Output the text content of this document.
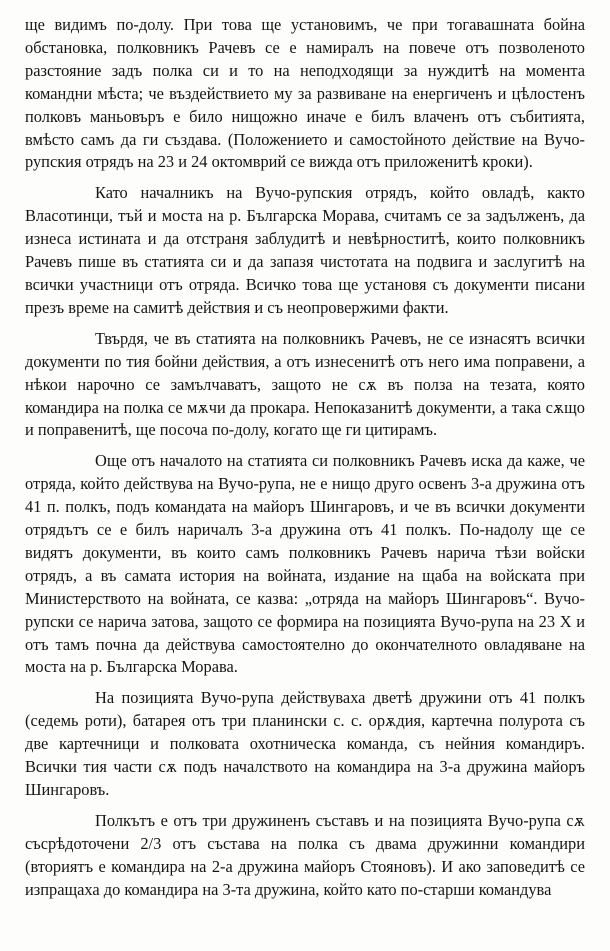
ще видимъ по-долу. При това ще установимъ, че при тогавашната бойна обстановка, полковникъ Рачевъ се е намиралъ на повече отъ позволеното разстояние задъ полка си и то на неподходящи за нуждитѣ на момента командни мѣста; че въздействието му за развиване на енергиченъ и цѣлостенъ полковъ маньовъръ е било нищожно иначе е билъ влаченъ отъ събитията, вмѣсто самъ да ги създава. (Положението и самостойното действие на Вучо-рупския отрядъ на 23 и 24 октомврий се вижда отъ приложенитѣ кроки).

Като началникъ на Вучо-рупския отрядъ, който овладѣ, както Власотинци, тъй и моста на р. Българска Морава, считамъ се за задълженъ, да изнеса истината и да отстраня заблудитѣ и невѣрноститѣ, които полковникъ Рачевъ пише въ статията си и да запазя чистотата на подвига и заслугитѣ на всички участници отъ отряда. Всичко това ще установя съ документи писани презъ време на самитѣ действия и съ неопровержими факти.

Твърдя, че въ статията на полковникъ Рачевъ, не се изнасятъ всички документи по тия бойни действия, а отъ изнесенитѣ отъ него има поправени, а нѣкои нарочно се замълчаватъ, защото не сѫ въ полза на тезата, която командира на полка се мѫчи да прокара. Непоказанитѣ документи, а така сѫщо и поправенитѣ, ще посоча по-долу, когато ще ги цитирамъ.

Още отъ началото на статията си полковникъ Рачевъ иска да каже, че отряда, който действува на Вучо-рупа, не е нищо друго освенъ 3-а дружина отъ 41 п. полкъ, подъ командата на майоръ Шингаровъ, и че въ всички документи отрядътъ се е билъ наричалъ 3-а дружина отъ 41 полкъ. По-надолу ще се видятъ документи, въ които самъ полковникъ Рачевъ нарича тѣзи войски отрядъ, а въ самата история на войната, издание на щаба на войската при Министерството на войната, се казва: „отряда на майоръ Шингаровъ“. Вучо-рупски се нарича затова, защото се формира на позицията Вучо-рупа на 23 X и отъ тамъ почна да действува самостоятелно до окончателното овладяване на моста на р. Българска Морава.

На позицията Вучо-рупа действуваха дветѣ дружини отъ 41 полкъ (седемь роти), батарея отъ три планински с. с. орѫдия, картечна полурота съ две картечници и полковата охотническа команда, съ нейния командиръ. Всички тия части сѫ подъ началството на командира на 3-а дружина майоръ Шингаровъ.

Полкътъ е отъ три дружиненъ съставъ и на позицията Вучо-рупа сѫ съсрѣдоточени 2/3 отъ състава на полка съ двама дружинни командири (вториятъ е командира на 2-а дружина майоръ Стояновъ). И ако заповедитѣ се изпращаха до командира на 3-та дружина, който като по-старши командува
